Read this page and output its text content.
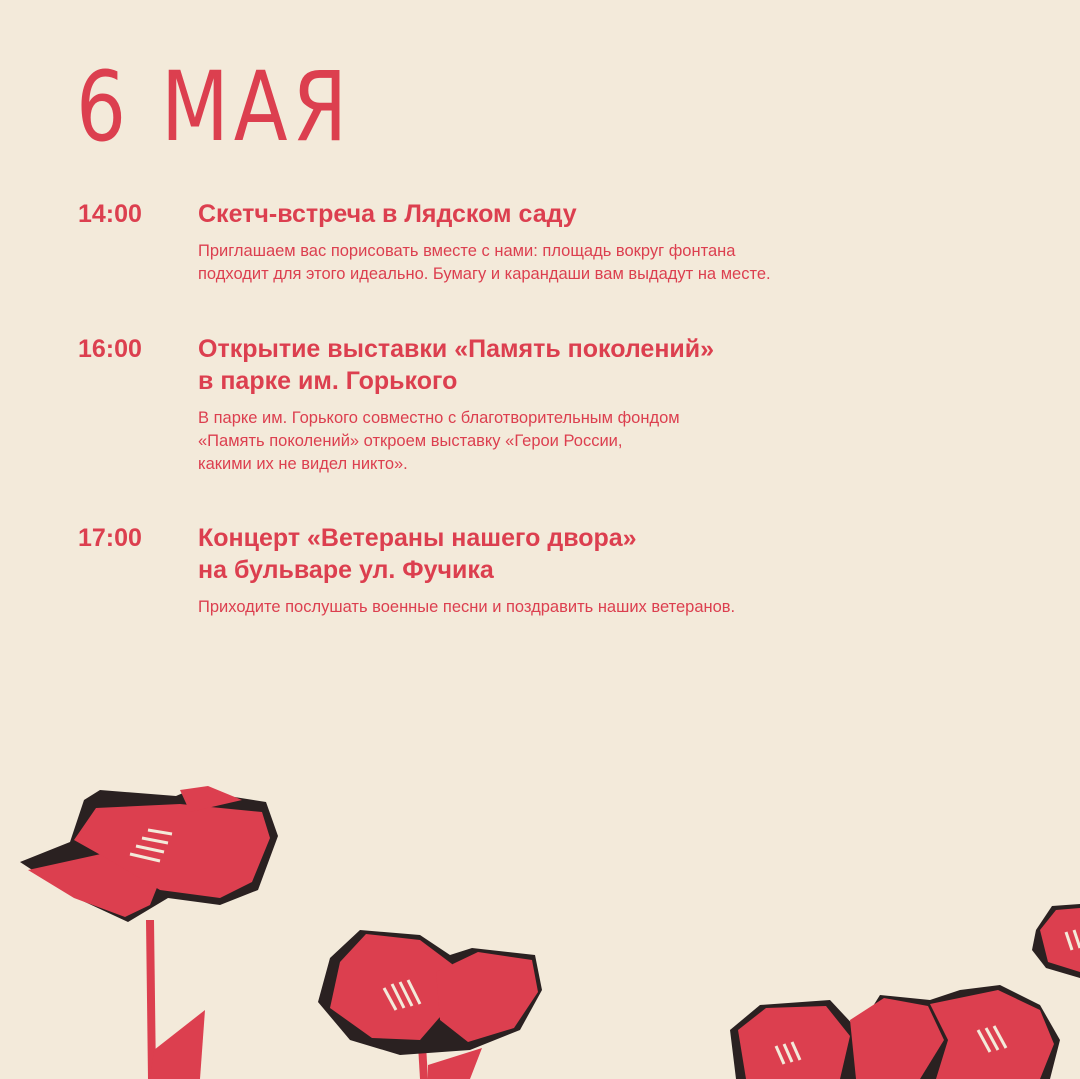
6 МАЯ
14:00 Скетч-встреча в Лядском саду
Приглашаем вас порисовать вместе с нами: площадь вокруг фонтана
подходит для этого идеально. Бумагу и карандаши вам выдадут на месте.
16:00 Открытие выставки «Память поколений»
в парке им. Горького
В парке им. Горького совместно с благотворительным фондом
«Память поколений» откроем выставку «Герои России,
какими их не видел никто».
17:00 Концерт «Ветераны нашего двора»
на бульваре ул. Фучика
Приходите послушать военные песни и поздравить наших ветеранов.
